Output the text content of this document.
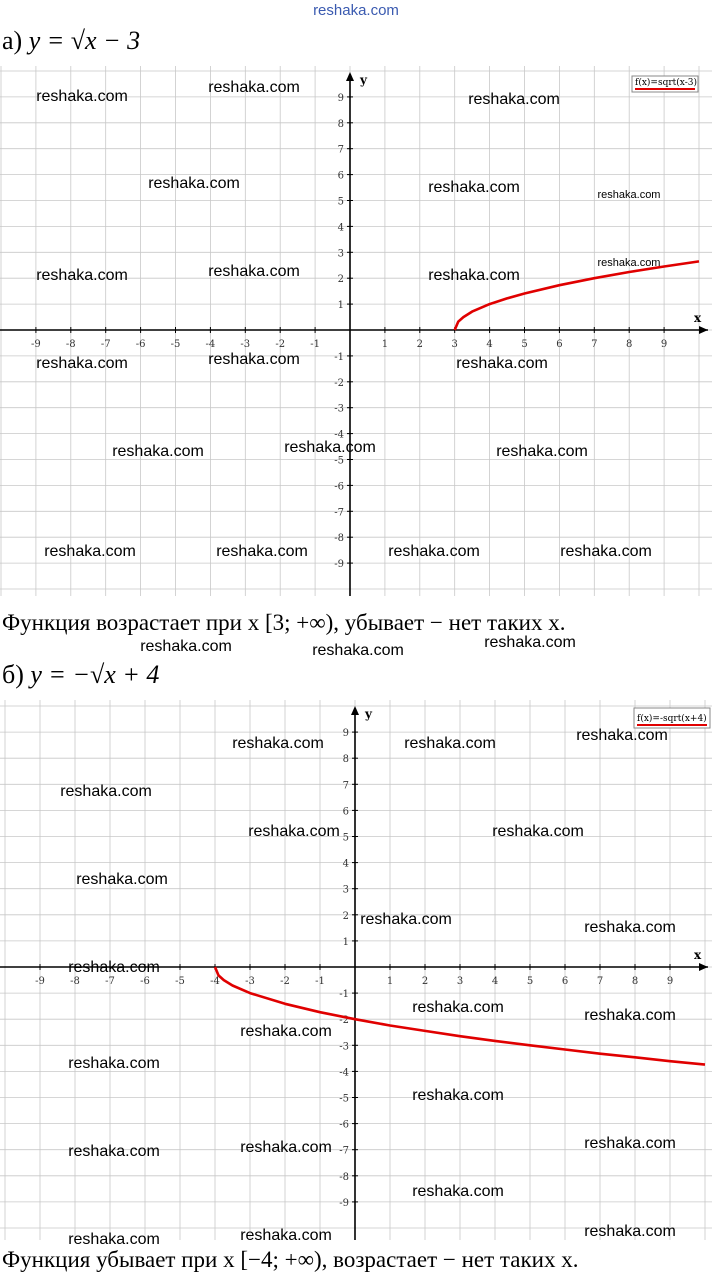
reshaka.com
а) y = √x − 3
x
y
-9	-8	-7	-6	-5	-4	-3	-2	-1	1	2	3	4	5	6	7	8	9
-9
-8
-7
-6
-5
-4
-3
-2
-1
1
2
3
4
5
6
7
8
9
f(x)=sqrt(x-3)
reshaka.com
reshaka.com
reshaka.com
reshaka.com	reshaka.com	reshaka.com
reshaka.com	reshaka.com	reshaka.com
reshaka.com
reshaka.com	reshaka.com	reshaka.com
reshaka.com	reshaka.com	reshaka.com
reshaka.com	reshaka.com	reshaka.com	reshaka.com
Функция возрастает при x [3; +∞), убывает − нет таких x.
б) y = −√x + 4
x
y
-9	-8	-7	-6	-5	-4	-3	-2	-1	1	2	3	4	5	6	7	8	9
-9
-8
-7
-6
-5
-4
-3
-2
-1
1
2
3
4
5
6
7
8
9
f(x)=-sqrt(x+4)
reshaka.com	reshaka.com	reshaka.com
reshaka.com	reshaka.com	reshaka.com
reshaka.com
reshaka.com	reshaka.com
reshaka.com
reshaka.com	reshaka.com
reshaka.com
reshaka.com
reshaka.com
reshaka.com
reshaka.com
reshaka.com
reshaka.com	reshaka.com	reshaka.com
reshaka.com
reshaka.com	reshaka.com	reshaka.com
Функция убывает при x [−4; +∞), возрастает − нет таких x.
